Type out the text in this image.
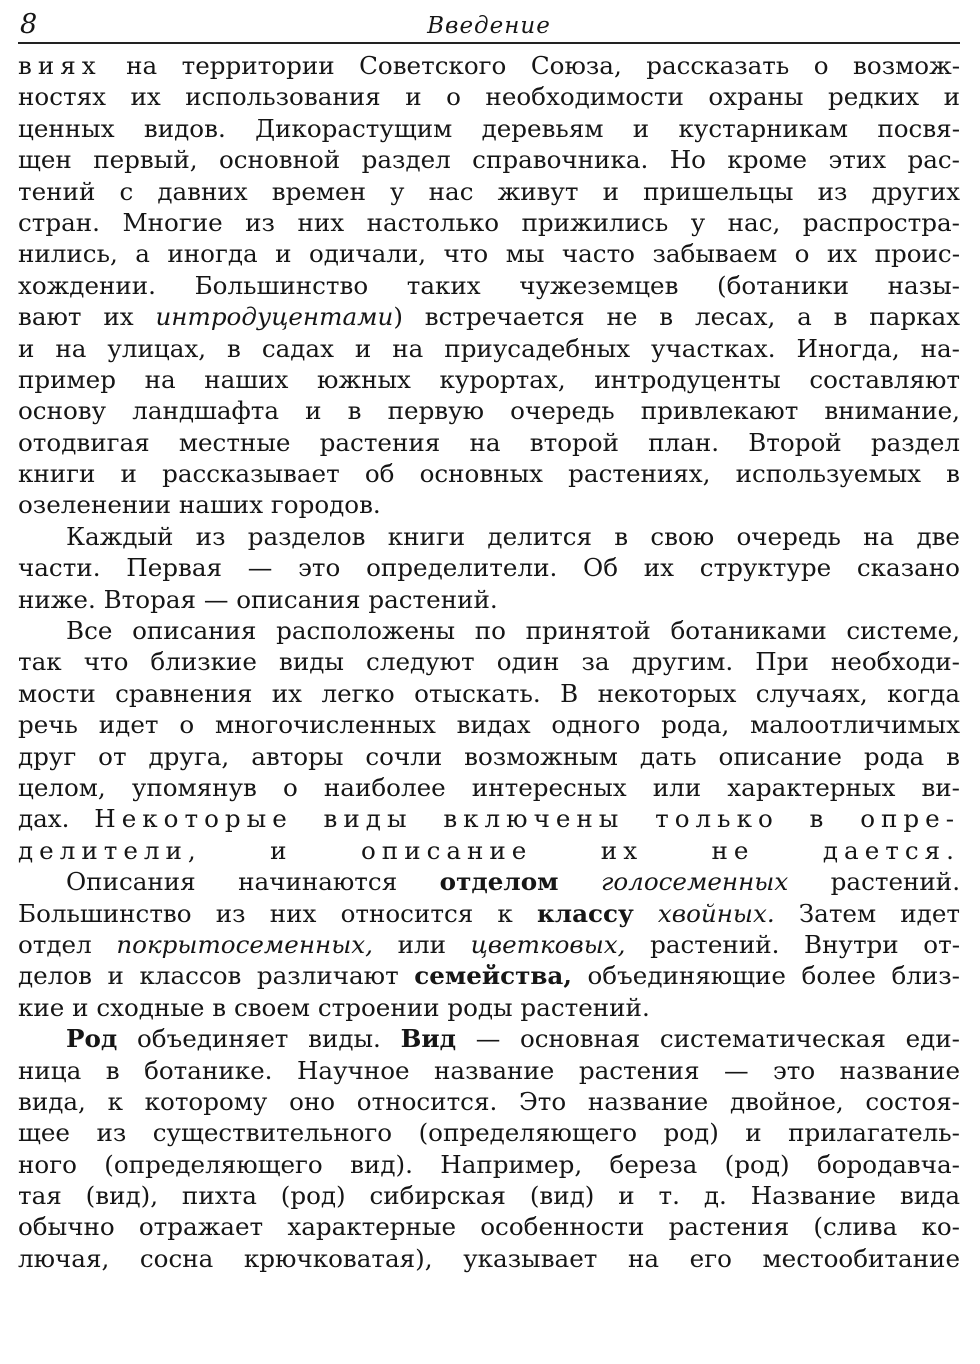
8	Введение
виях на территории Советского Союза, рассказать о возмож-
ностях их использования и о необходимости охраны редких и
ценных видов. Дикорастущим деревьям и кустарникам посвя-
щен первый, основной раздел справочника. Но кроме этих рас-
тений с давних времен у нас живут и пришельцы из других
стран. Многие из них настолько прижились у нас, распростра-
нились, а иногда и одичали, что мы часто забываем о их проис-
хождении. Большинство таких чужеземцев (ботаники назы-
вают их интродуцентами) встречается не в лесах, а в парках
и на улицах, в садах и на приусадебных участках. Иногда, на-
пример на наших южных курортах, интродуценты составляют
основу ландшафта и в первую очередь привлекают внимание,
отодвигая местные растения на второй план. Второй раздел
книги и рассказывает об основных растениях, используемых в
озеленении наших городов.
Каждый из разделов книги делится в свою очередь на две
части. Первая — это определители. Об их структуре сказано
ниже. Вторая — описания растений.
Все описания расположены по принятой ботаниками системе,
так что близкие виды следуют один за другим. При необходи-
мости сравнения их легко отыскать. В некоторых случаях, когда
речь идет о многочисленных видах одного рода, малоотличимых
друг от друга, авторы сочли возможным дать описание рода в
целом, упомянув о наиболее интересных или характерных ви-
дах. Некоторые виды включены только в опре-
делители, и описание их не дается.
Описания начинаются отделом голосеменных растений.
Большинство из них относится к классу хвойных. Затем идет
отдел покрытосеменных, или цветковых, растений. Внутри от-
делов и классов различают семейства, объединяющие более близ-
кие и сходные в своем строении роды растений.
Род объединяет виды. Вид — основная систематическая еди-
ница в ботанике. Научное название растения — это название
вида, к которому оно относится. Это название двойное, состоя-
щее из существительного (определяющего род) и прилагатель-
ного (определяющего вид). Например, береза (род) бородавча-
тая (вид), пихта (род) сибирская (вид) и т. д. Название вида
обычно отражает характерные особенности растения (слива ко-
лючая, сосна крючковатая), указывает на его местообитание
